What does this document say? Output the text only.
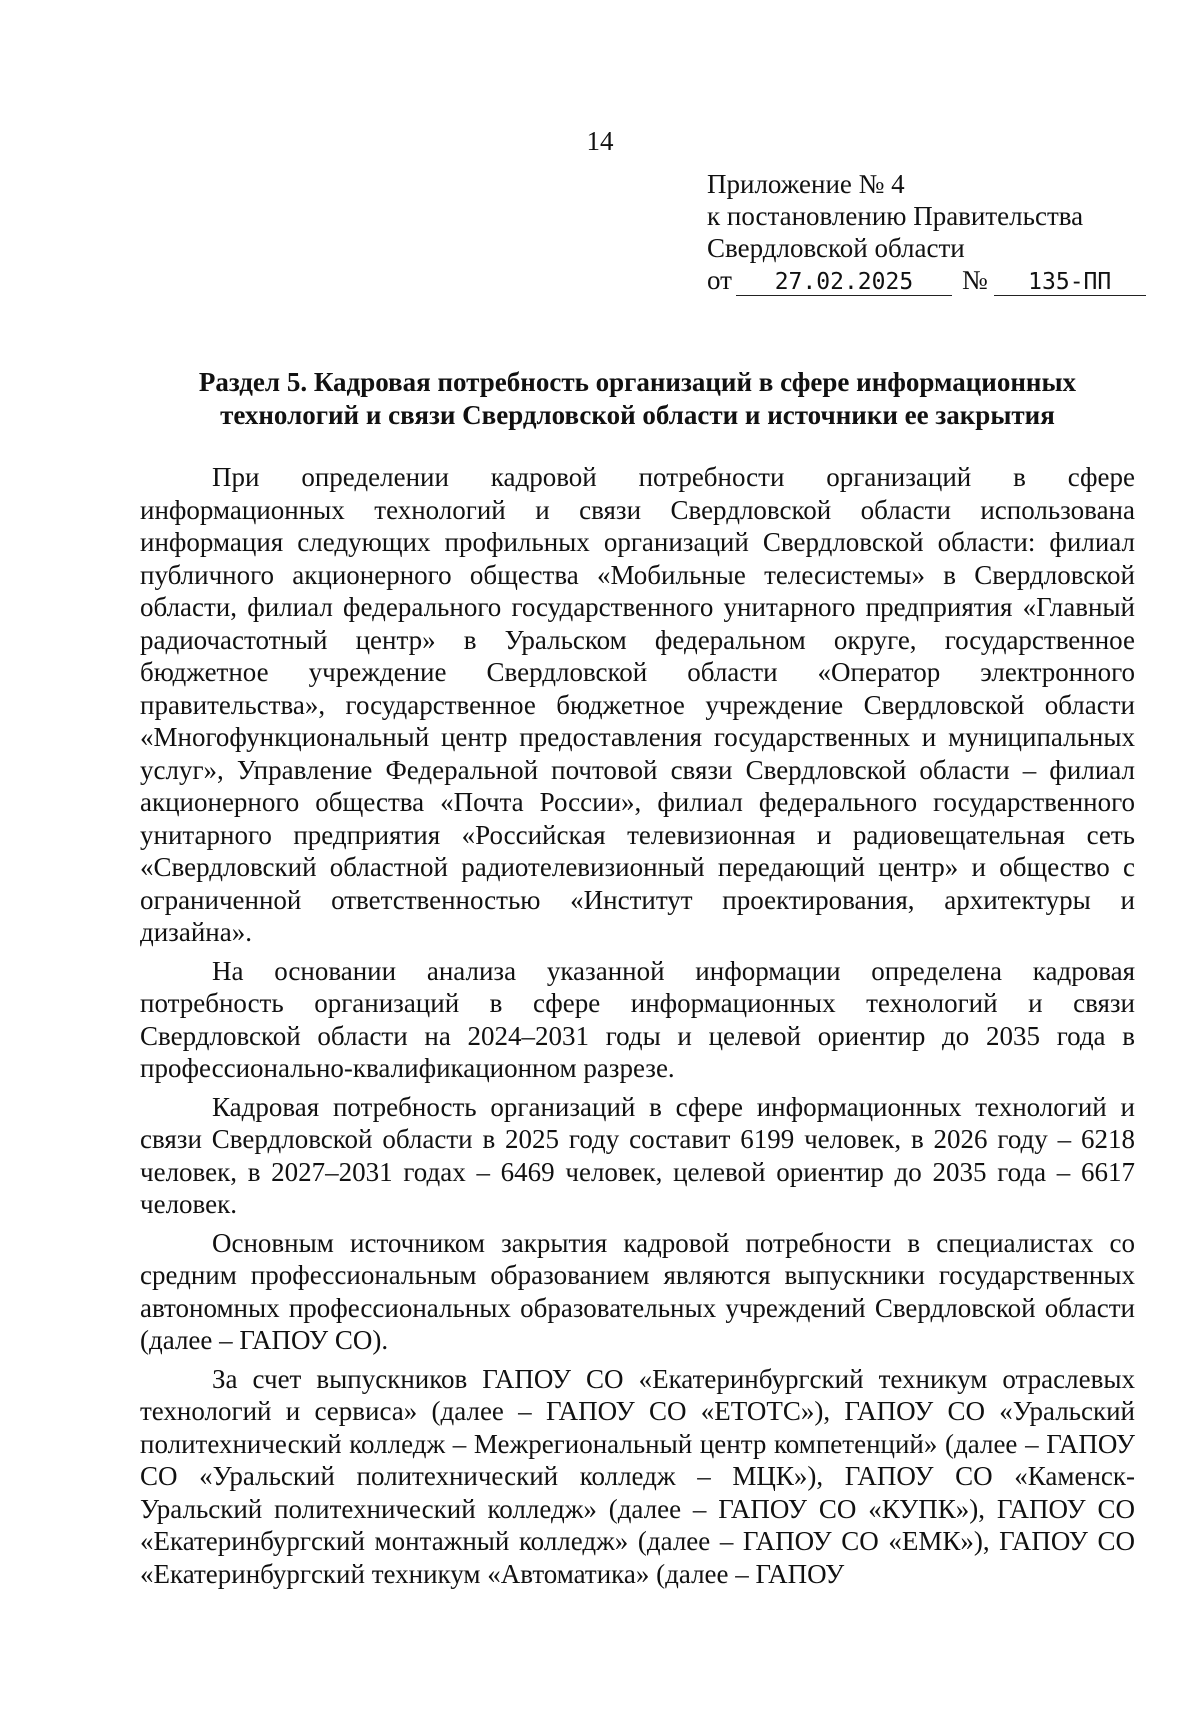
14
Приложение № 4
к постановлению Правительства
Свердловской области
от 27.02.2025 № 135-ПП
Раздел 5. Кадровая потребность организаций в сфере информационных
технологий и связи Свердловской области и источники ее закрытия

При определении кадровой потребности организаций в сфере информационных технологий и связи Свердловской области использована информация следующих профильных организаций Свердловской области: филиал публичного акционерного общества «Мобильные телесистемы» в Свердловской области, филиал федерального государственного унитарного предприятия «Главный радиочастотный центр» в Уральском федеральном округе, государственное бюджетное учреждение Свердловской области «Оператор электронного правительства», государственное бюджетное учреждение Свердловской области «Многофункциональный центр предоставления государственных и муниципальных услуг», Управление Федеральной почтовой связи Свердловской области – филиал акционерного общества «Почта России», филиал федерального государственного унитарного предприятия «Российская телевизионная и радиовещательная сеть «Свердловский областной радиотелевизионный передающий центр» и общество с ограниченной ответственностью «Институт проектирования, архитектуры и дизайна».

На основании анализа указанной информации определена кадровая потребность организаций в сфере информационных технологий и связи Свердловской области на 2024–2031 годы и целевой ориентир до 2035 года в профессионально-квалификационном разрезе.

Кадровая потребность организаций в сфере информационных технологий и связи Свердловской области в 2025 году составит 6199 человек, в 2026 году – 6218 человек, в 2027–2031 годах – 6469 человек, целевой ориентир до 2035 года – 6617 человек.

Основным источником закрытия кадровой потребности в специалистах со средним профессиональным образованием являются выпускники государственных автономных профессиональных образовательных учреждений Свердловской области (далее – ГАПОУ СО).

За счет выпускников ГАПОУ СО «Екатеринбургский техникум отраслевых технологий и сервиса» (далее – ГАПОУ СО «ЕТОТС»), ГАПОУ СО «Уральский политехнический колледж – Межрегиональный центр компетенций» (далее – ГАПОУ СО «Уральский политехнический колледж – МЦК»), ГАПОУ СО «Каменск-Уральский политехнический колледж» (далее – ГАПОУ СО «КУПК»), ГАПОУ СО «Екатеринбургский монтажный колледж» (далее – ГАПОУ СО «ЕМК»), ГАПОУ СО «Екатеринбургский техникум «Автоматика» (далее – ГАПОУ
